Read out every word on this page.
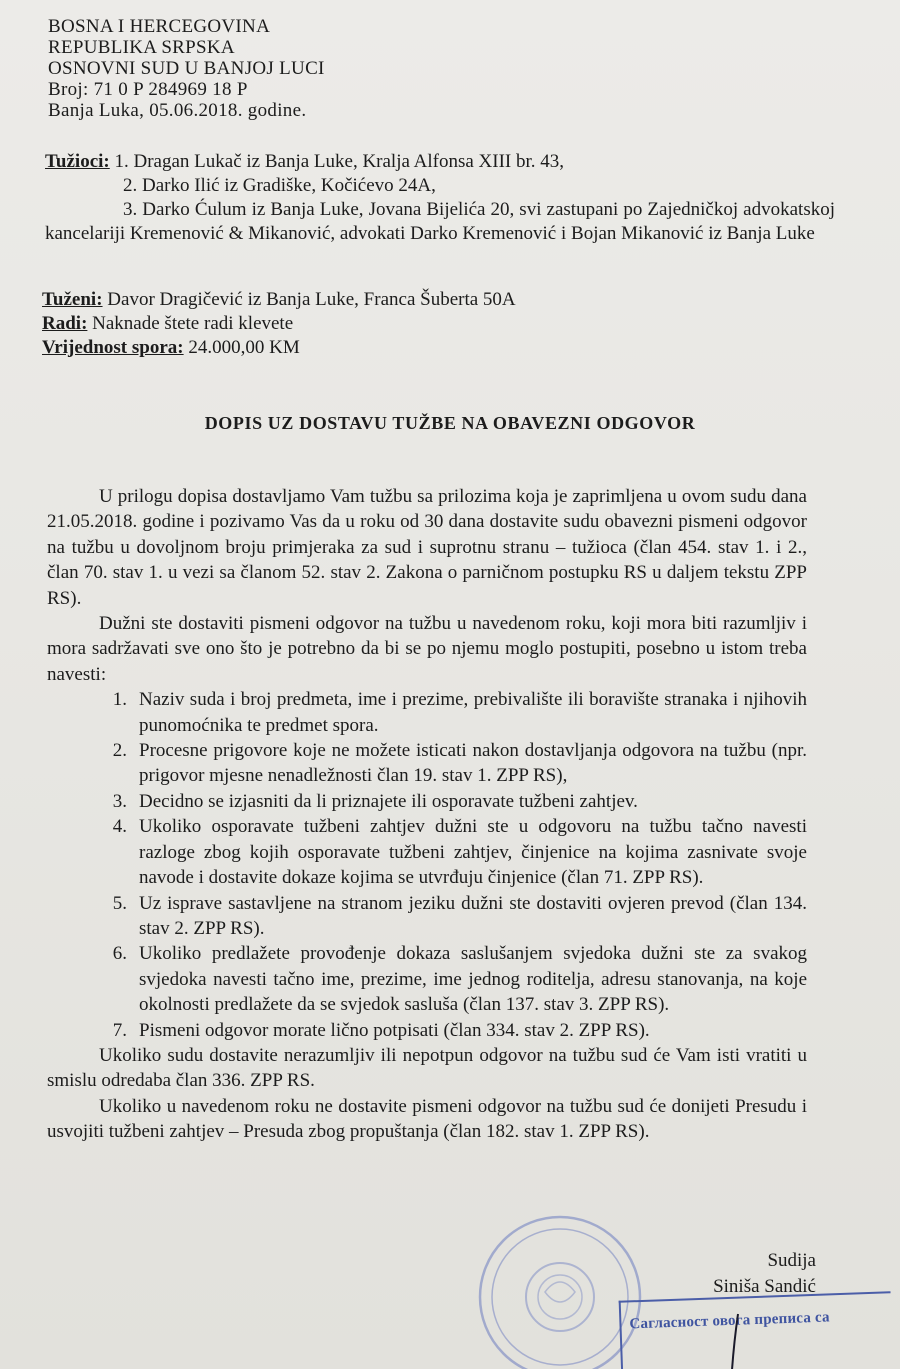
BOSNA I HERCEGOVINA
REPUBLIKA SRPSKA
OSNOVNI SUD U BANJOJ LUCI
Broj: 71 0 P 284969 18 P
Banja Luka, 05.06.2018. godine.
Tužioci: 1. Dragan Lukač iz Banja Luke, Kralja Alfonsa XIII br. 43,
2. Darko Ilić iz Gradiške, Kočićevo 24A,
3. Darko Ćulum iz Banja Luke, Jovana Bijelića 20, svi zastupani po Zajedničkoj advokatskoj kancelariji Kremenović & Mikanović, advokati Darko Kremenović i Bojan Mikanović iz Banja Luke
Tuženi: Davor Dragičević iz Banja Luke, Franca Šuberta 50A
Radi: Naknade štete radi klevete
Vrijednost spora: 24.000,00 KM
DOPIS UZ DOSTAVU TUŽBE NA OBAVEZNI ODGOVOR

U prilogu dopisa dostavljamo Vam tužbu sa prilozima koja je zaprimljena u ovom sudu dana 21.05.2018. godine i pozivamo Vas da u roku od 30 dana dostavite sudu obavezni pismeni odgovor na tužbu u dovoljnom broju primjeraka za sud i suprotnu stranu – tužioca (član 454. stav 1. i 2., član 70. stav 1. u vezi sa članom 52. stav 2. Zakona o parničnom postupku RS u daljem tekstu ZPP RS).

Dužni ste dostaviti pismeni odgovor na tužbu u navedenom roku, koji mora biti razumljiv i mora sadržavati sve ono što je potrebno da bi se po njemu moglo postupiti, posebno u istom treba navesti:

1. Naziv suda i broj predmeta, ime i prezime, prebivalište ili boravište stranaka i njihovih punomoćnika te predmet spora.
2. Procesne prigovore koje ne možete isticati nakon dostavljanja odgovora na tužbu (npr. prigovor mjesne nenadležnosti član 19. stav 1. ZPP RS),
3. Decidno se izjasniti da li priznajete ili osporavate tužbeni zahtjev.
4. Ukoliko osporavate tužbeni zahtjev dužni ste u odgovoru na tužbu tačno navesti razloge zbog kojih osporavate tužbeni zahtjev, činjenice na kojima zasnivate svoje navode i dostavite dokaze kojima se utvrđuju činjenice (član 71. ZPP RS).
5. Uz isprave sastavljene na stranom jeziku dužni ste dostaviti ovjeren prevod (član 134. stav 2. ZPP RS).
6. Ukoliko predlažete provođenje dokaza saslušanjem svjedoka dužni ste za svakog svjedoka navesti tačno ime, prezime, ime jednog roditelja, adresu stanovanja, na koje okolnosti predlažete da se svjedok saslušа (član 137. stav 3. ZPP RS).
7. Pismeni odgovor morate lično potpisati (član 334. stav 2. ZPP RS).

Ukoliko sudu dostavite nerazumljiv ili nepotpun odgovor na tužbu sud će Vam isti vratiti u smislu odredaba član 336. ZPP RS.

Ukoliko u navedenom roku ne dostavite pismeni odgovor na tužbu sud će donijeti Presudu i usvojiti tužbeni zahtjev – Presuda zbog propuštanja (član 182. stav 1. ZPP RS).

Sudija
Siniša Sandić
Сагласност овога преписа са
